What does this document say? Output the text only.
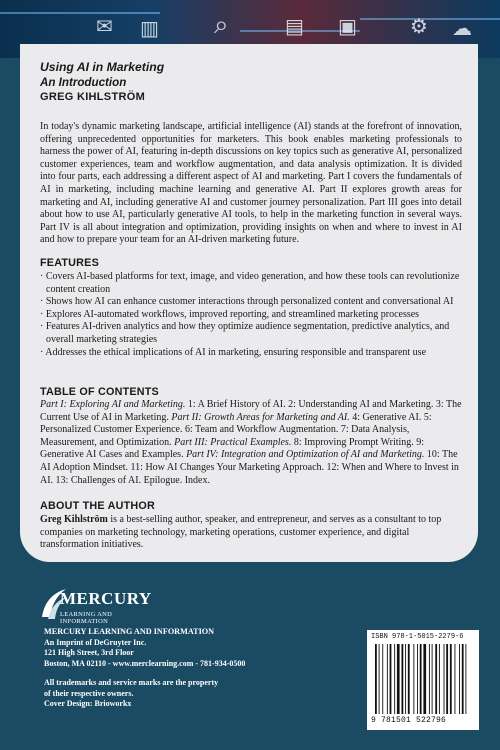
✉ ▥ ⌕	▤ ▣	⚙ ☁
Using AI in Marketing
An Introduction
GREG KIHLSTRÖM
In today's dynamic marketing landscape, artificial intelligence (AI) stands at the forefront of innovation, offering unprecedented opportunities for marketers. This book enables marketing professionals to harness the power of AI, featuring in-depth discussions on key topics such as generative AI, personalized customer experiences, team and workflow augmentation, and data analysis optimization. It is divided into four parts, each addressing a different aspect of AI and marketing. Part I covers the fundamentals of AI in marketing, including machine learning and generative AI. Part II explores growth areas for marketing and AI, including generative AI and customer journey personalization. Part III goes into detail about how to use AI, particularly generative AI tools, to help in the marketing function in several ways. Part IV is all about integration and optimization, providing insights on when and where to invest in AI and how to prepare your team for an AI-driven marketing future.
FEATURES
· Covers AI-based platforms for text, image, and video generation, and how these tools can revolutionize content creation
· Shows how AI can enhance customer interactions through personalized content and conversational AI
· Explores AI-automated workflows, improved reporting, and streamlined marketing processes
· Features AI-driven analytics and how they optimize audience segmentation, predictive analytics, and overall marketing strategies
· Addresses the ethical implications of AI in marketing, ensuring responsible and transparent use
TABLE OF CONTENTS
Part I: Exploring AI and Marketing. 1: A Brief History of AI. 2: Understanding AI and Marketing. 3: The Current Use of AI in Marketing. Part II: Growth Areas for Marketing and AI. 4: Generative AI. 5: Personalized Customer Experience. 6: Team and Workflow Augmentation. 7: Data Analysis, Measurement, and Optimization. Part III: Practical Examples. 8: Improving Prompt Writing. 9: Generative AI Cases and Examples. Part IV: Integration and Optimization of AI and Marketing. 10: The AI Adoption Mindset. 11: How AI Changes Your Marketing Approach. 12: When and Where to Invest in AI. 13: Challenges of AI. Epilogue. Index.
ABOUT THE AUTHOR
Greg Kihlström is a best-selling author, speaker, and entrepreneur, and serves as a consultant to top companies on marketing technology, marketing operations, customer experience, and digital transformation initiatives.
MERCURY
LEARNING AND INFORMATION
MERCURY LEARNING AND INFORMATION
An Imprint of DeGruyter Inc.
121 High Street, 3rd Floor
Boston, MA 02110 - www.merclearning.com - 781-934-0500
All trademarks and service marks are the property
of their respective owners.
Cover Design: Brioworkx
ISBN 978-1-5015-2279-6
9 781501 522796
